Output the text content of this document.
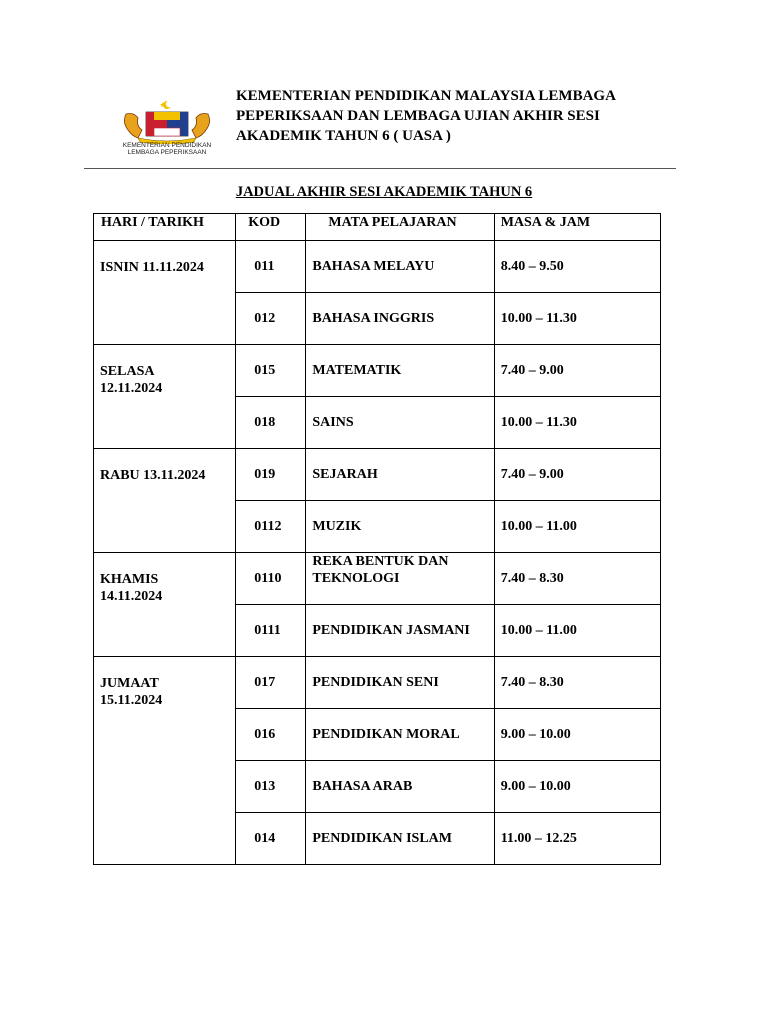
KEMENTERIAN PENDIDIKAN
LEMBAGA PEPERIKSAAN
KEMENTERIAN PENDIDIKAN MALAYSIA LEMBAGA PEPERIKSAAN DAN LEMBAGA UJIAN AKHIR SESI AKADEMIK TAHUN 6 ( UASA )
JADUAL AKHIR SESI AKADEMIK TAHUN 6
HARI / TARIKH	KOD	MATA PELAJARAN	MASA & JAM

ISNIN 11.11.2024	011	BAHASA MELAYU	8.40 – 9.50

012	BAHASA INGGRIS	10.00 – 11.30

SELASA
12.11.2024	015	MATEMATIK	7.40 – 9.00

018	SAINS	10.00 – 11.30

RABU 13.11.2024	019	SEJARAH	7.40 – 9.00

0112	MUZIK	10.00 – 11.00

KHAMIS
14.11.2024	0110	REKA BENTUK DAN TEKNOLOGI	7.40 – 8.30

0111	PENDIDIKAN JASMANI	10.00 – 11.00

JUMAAT
15.11.2024	017	PENDIDIKAN SENI	7.40 – 8.30

016	PENDIDIKAN MORAL	9.00 – 10.00

013	BAHASA ARAB	9.00 – 10.00

014	PENDIDIKAN ISLAM	11.00 – 12.25
